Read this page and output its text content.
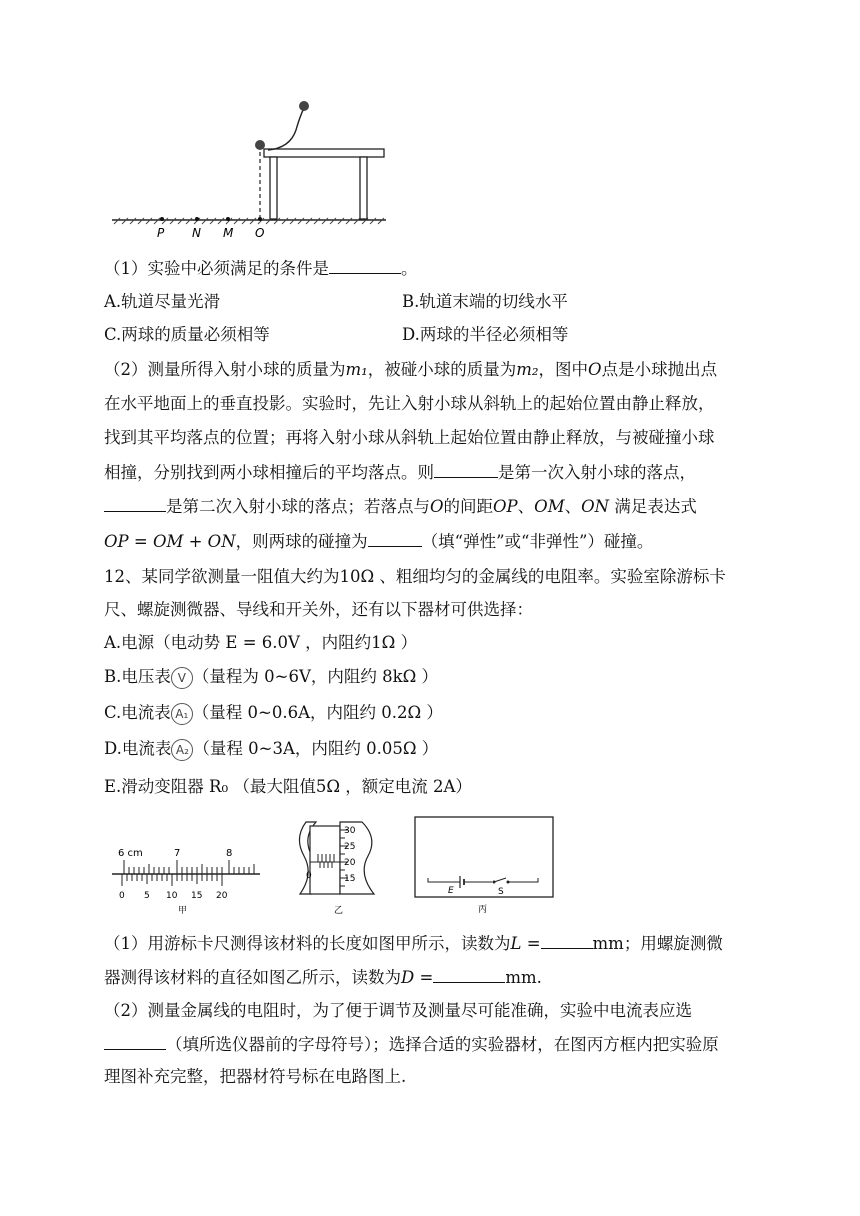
P N M O
（1）实验中必须满足的条件是	。
A.轨道尽量光滑	B.轨道末端的切线水平
C.两球的质量必须相等	D.两球的半径必须相等
（2）测量所得入射小球的质量为m₁，被碰小球的质量为m₂，图中O点是小球抛出点
在水平地面上的垂直投影。实验时，先让入射小球从斜轨上的起始位置由静止释放，
找到其平均落点的位置；再将入射小球从斜轨上起始位置由静止释放，与被碰撞小球
相撞，分别找到两小球相撞后的平均落点。则	是第一次入射小球的落点，
是第二次入射小球的落点；若落点与O的间距OP、OM、ON 满足表达式
OP = OM + ON，则两球的碰撞为	（填“弹性”或“非弹性”）碰撞。
12、某同学欲测量一阻值大约为10Ω 、粗细均匀的金属线的电阻率。实验室除游标卡
尺、螺旋测微器、导线和开关外，还有以下器材可供选择：
A.电源（电动势 E = 6.0V ，内阻约1Ω ）
B.电压表 V （量程为 0~6V，内阻约 8kΩ ）
C.电流表 A₁ （量程 0~0.6A，内阻约 0.2Ω ）
D.电流表 A₂ （量程 0~3A，内阻约 0.05Ω ）
E.滑动变阻器 R₀ （最大阻值5Ω ，额定电流 2A）
6 cm	7	8
0 5 10 15 20
甲
30
25
20
15
0
乙
E	S
丙
（1）用游标卡尺测得该材料的长度如图甲所示，读数为L =	mm；用螺旋测微
器测得该材料的直径如图乙所示，读数为D =	mm.
（2）测量金属线的电阻时，为了便于调节及测量尽可能准确，实验中电流表应选
（填所选仪器前的字母符号）；选择合适的实验器材，在图丙方框内把实验原
理图补充完整，把器材符号标在电路图上.
